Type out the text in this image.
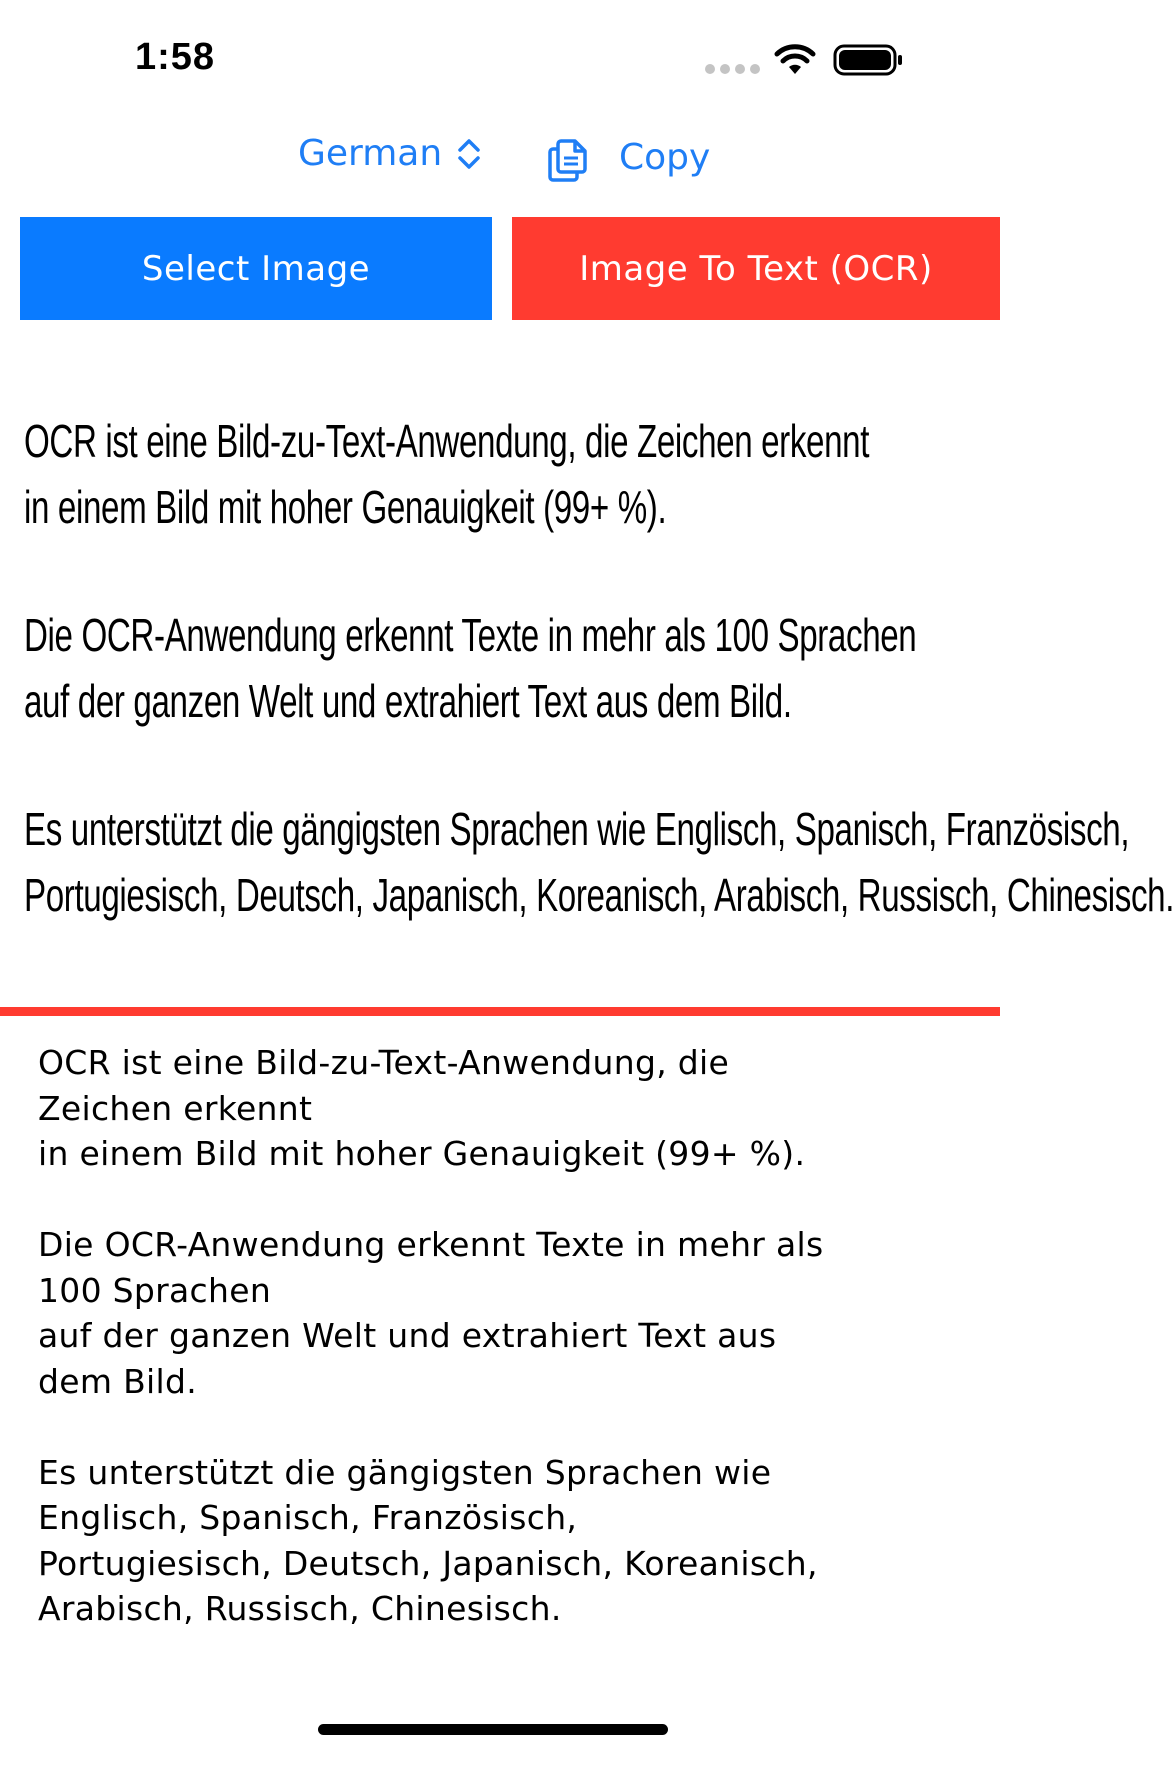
1:58
German	Copy
Select Image	Image To Text (OCR)
OCR ist eine Bild-zu-Text-Anwendung, die Zeichen erkennt
in einem Bild mit hoher Genauigkeit (99+ %).
Die OCR-Anwendung erkennt Texte in mehr als 100 Sprachen
auf der ganzen Welt und extrahiert Text aus dem Bild.
Es unterstützt die gängigsten Sprachen wie Englisch, Spanisch, Französisch,
Portugiesisch, Deutsch, Japanisch, Koreanisch, Arabisch, Russisch, Chinesisch.
OCR ist eine Bild-zu-Text-Anwendung, die
Zeichen erkennt
in einem Bild mit hoher Genauigkeit (99+ %).
Die OCR-Anwendung erkennt Texte in mehr als
100 Sprachen
auf der ganzen Welt und extrahiert Text aus
dem Bild.
Es unterstützt die gängigsten Sprachen wie
Englisch, Spanisch, Französisch,
Portugiesisch, Deutsch, Japanisch, Koreanisch,
Arabisch, Russisch, Chinesisch.
